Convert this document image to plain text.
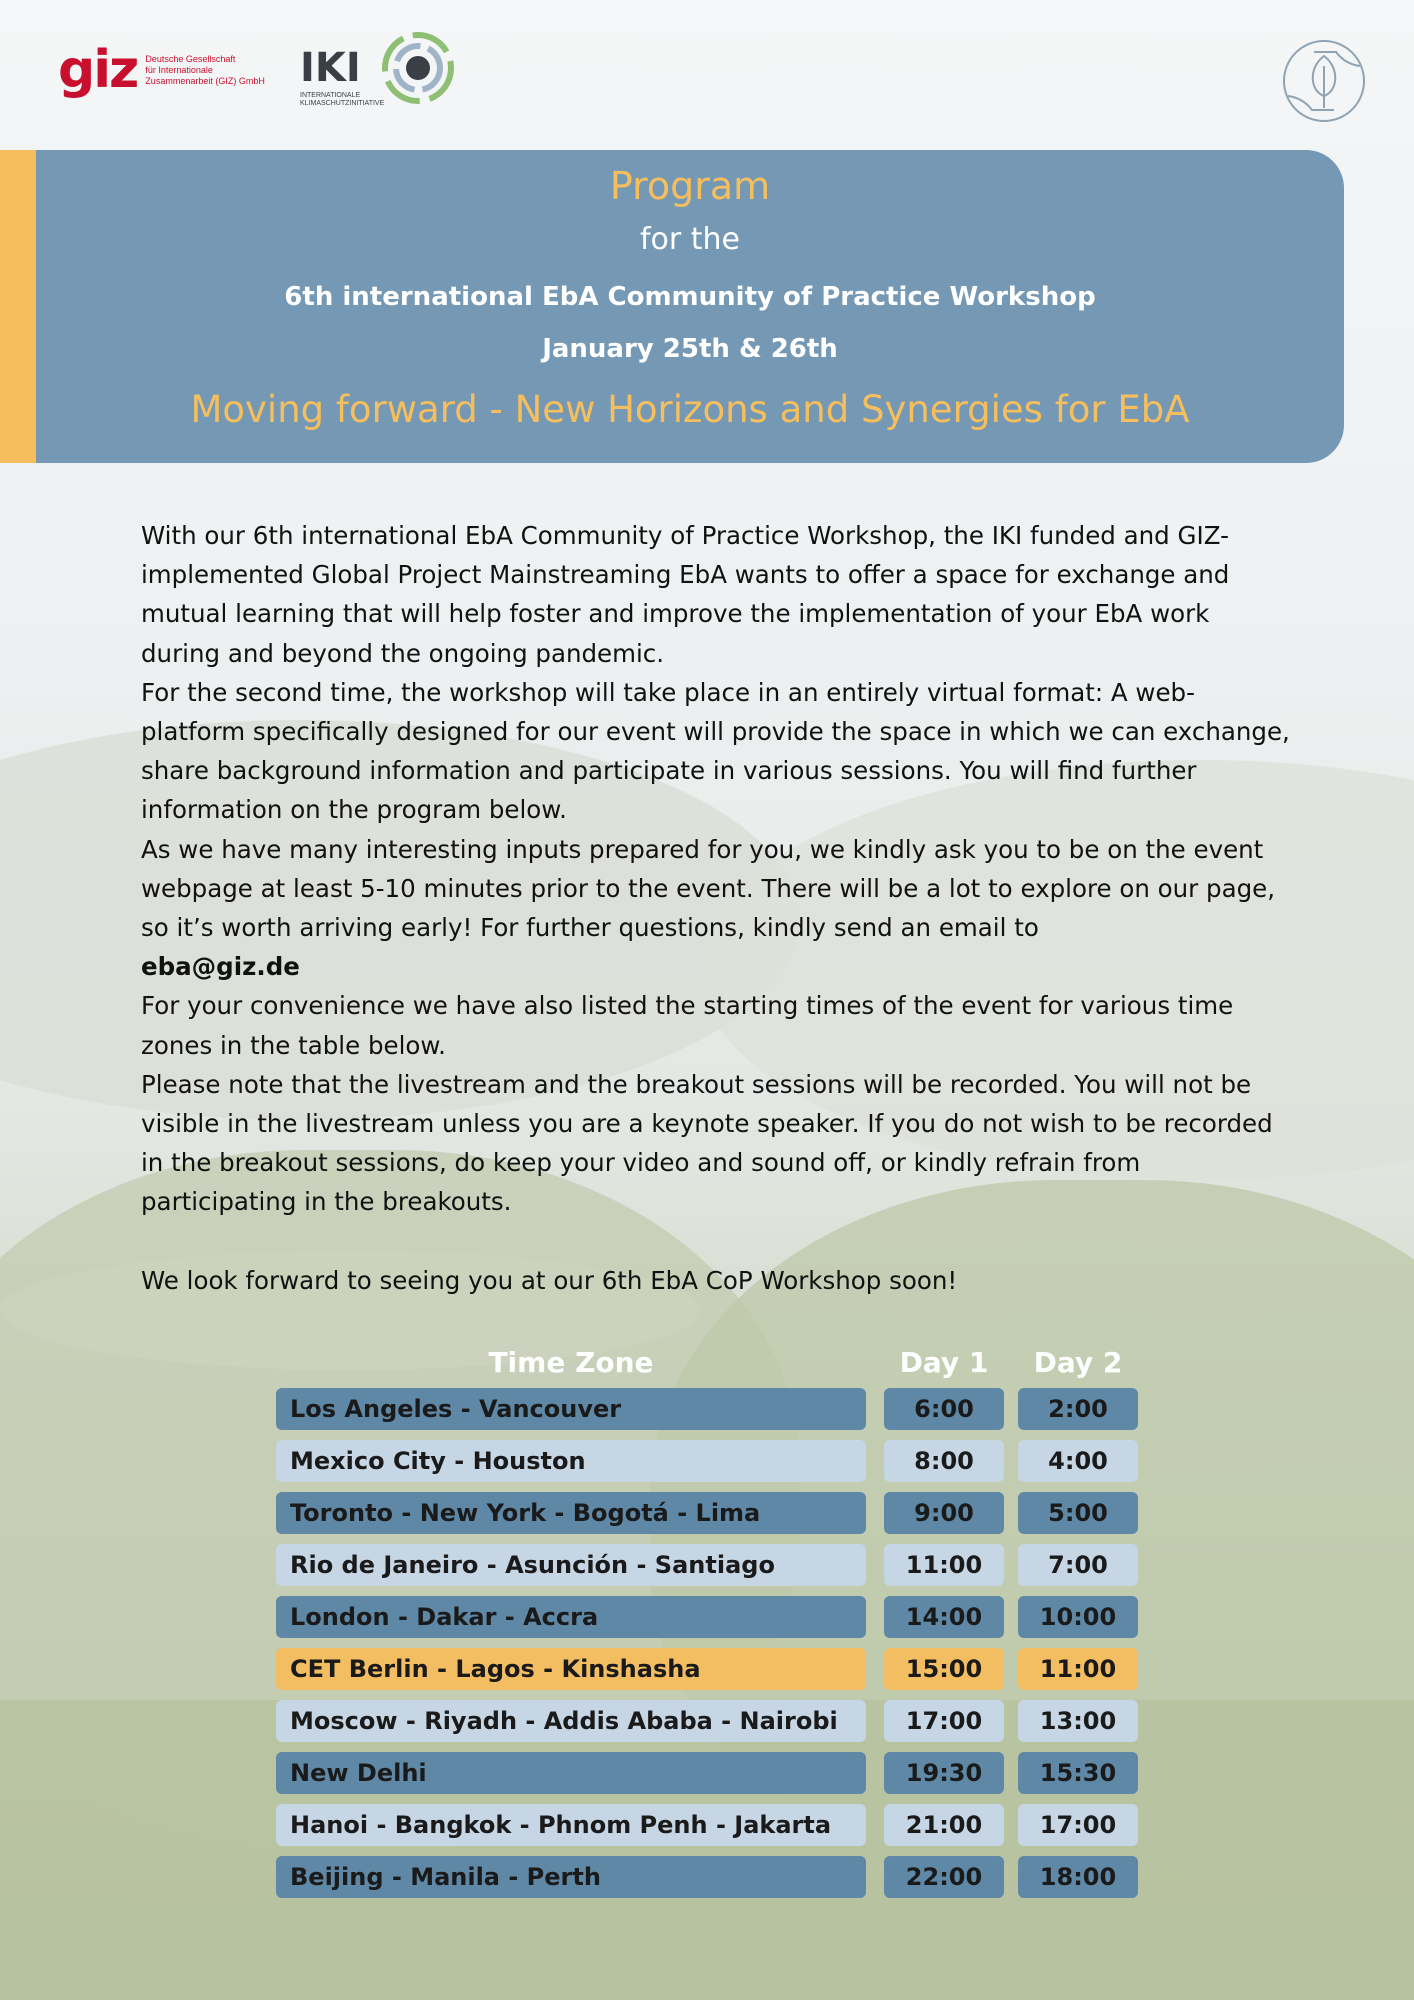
giz Deutsche Gesellschaft
für Internationale
Zusammenarbeit (GIZ) GmbH IKI
INTERNATIONALE
KLIMASCHUTZINITIATIVE
Program
for the
6th international EbA Community of Practice Workshop
January 25th & 26th
Moving forward - New Horizons and Synergies for EbA

With our 6th international EbA Community of Practice Workshop, the IKI funded and GIZ-implemented Global Project Mainstreaming EbA wants to offer a space for exchange and mutual learning that will help foster and improve the implementation of your EbA work during and beyond the ongoing pandemic.

For the second time, the workshop will take place in an entirely virtual format: A web-platform specifically designed for our event will provide the space in which we can exchange, share background information and participate in various sessions. You will find further information on the program below.

As we have many interesting inputs prepared for you, we kindly ask you to be on the event webpage at least 5-10 minutes prior to the event. There will be a lot to explore on our page, so it’s worth arriving early! For further questions, kindly send an email to

eba@giz.de

For your convenience we have also listed the starting times of the event for various time zones in the table below.

Please note that the livestream and the breakout sessions will be recorded. You will not be visible in the livestream unless you are a keynote speaker. If you do not wish to be recorded in the breakout sessions, do keep your video and sound off, or kindly refrain from participating in the breakouts.

We look forward to seeing you at our 6th EbA CoP Workshop soon!

Time Zone	Day 1	Day 2
Los Angeles - Vancouver	6:00	2:00
Mexico City - Houston	8:00	4:00
Toronto - New York - Bogotá - Lima	9:00	5:00
Rio de Janeiro - Asunción - Santiago	11:00	7:00
London - Dakar - Accra	14:00	10:00
CET Berlin - Lagos - Kinshasha	15:00	11:00
Moscow - Riyadh - Addis Ababa - Nairobi	17:00	13:00
New Delhi	19:30	15:30
Hanoi - Bangkok - Phnom Penh - Jakarta	21:00	17:00
Beijing - Manila - Perth	22:00	18:00
